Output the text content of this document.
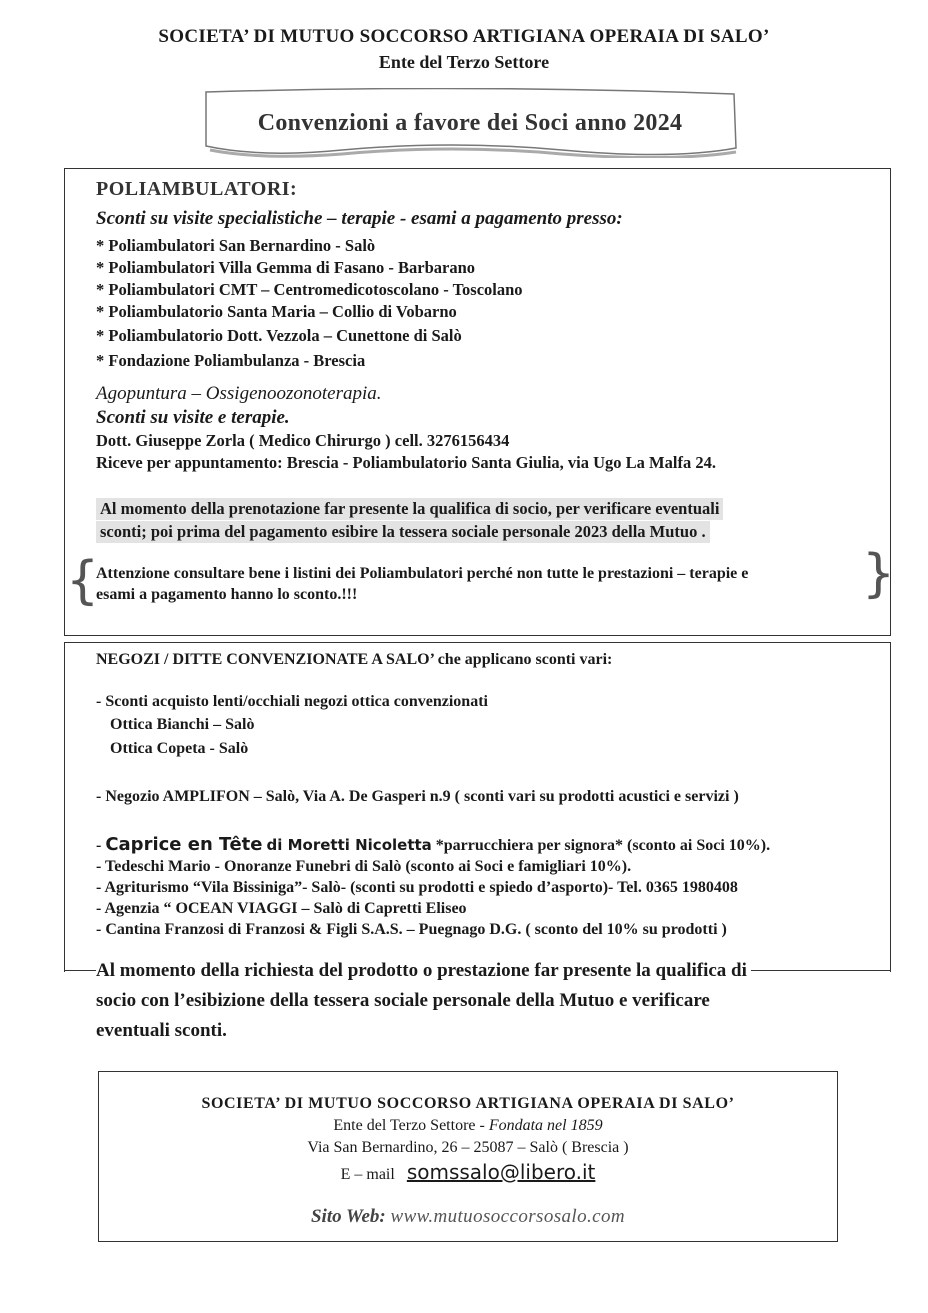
SOCIETA’ DI MUTUO SOCCORSO ARTIGIANA OPERAIA DI SALO’
Ente del Terzo Settore
Convenzioni a favore dei Soci anno 2024
POLIAMBULATORI:
Sconti su visite specialistiche – terapie - esami a pagamento presso:
* Poliambulatori San Bernardino - Salò
* Poliambulatori Villa Gemma di Fasano - Barbarano
* Poliambulatori CMT – Centromedicotoscolano - Toscolano
* Poliambulatorio Santa Maria – Collio di Vobarno
* Poliambulatorio Dott. Vezzola – Cunettone di Salò
* Fondazione Poliambulanza - Brescia
Agopuntura – Ossigenoozonoterapia.
Sconti su visite e terapie.
Dott. Giuseppe Zorla ( Medico Chirurgo ) cell. 3276156434
Riceve per appuntamento: Brescia - Poliambulatorio Santa Giulia, via Ugo La Malfa 24.
Al momento della prenotazione far presente la qualifica di socio, per verificare eventuali
sconti; poi prima del pagamento esibire la tessera sociale personale 2023 della Mutuo .
{
Attenzione consultare bene i listini dei Poliambulatori perché non tutte le prestazioni – terapie e
esami a pagamento hanno lo sconto.!!!	}
NEGOZI / DITTE CONVENZIONATE A SALO’ che applicano sconti vari:
- Sconti acquisto lenti/occhiali negozi ottica convenzionati
Ottica Bianchi – Salò
Ottica Copeta - Salò
- Negozio AMPLIFON – Salò, Via A. De Gasperi n.9 ( sconti vari su prodotti acustici e servizi )
- Caprice en Tête di Moretti Nicoletta *parrucchiera per signora* (sconto ai Soci 10%).
- Tedeschi Mario - Onoranze Funebri di Salò (sconto ai Soci e famigliari 10%).
- Agriturismo “Vila Bissiniga”- Salò- (sconti su prodotti e spiedo d’asporto)- Tel. 0365 1980408
- Agenzia “ OCEAN VIAGGI – Salò di Capretti Eliseo
- Cantina Franzosi di Franzosi & Figli S.A.S. – Puegnago D.G. ( sconto del 10% su prodotti )
Al momento della richiesta del prodotto o prestazione far presente la qualifica di
socio con l’esibizione della tessera sociale personale della Mutuo e verificare
eventuali sconti.
SOCIETA’ DI MUTUO SOCCORSO ARTIGIANA OPERAIA DI SALO’
Ente del Terzo Settore - Fondata nel 1859
Via San Bernardino, 26 – 25087 – Salò ( Brescia )
E – mail somssalo@libero.it
Sito Web: www.mutuosoccorsosalo.com
